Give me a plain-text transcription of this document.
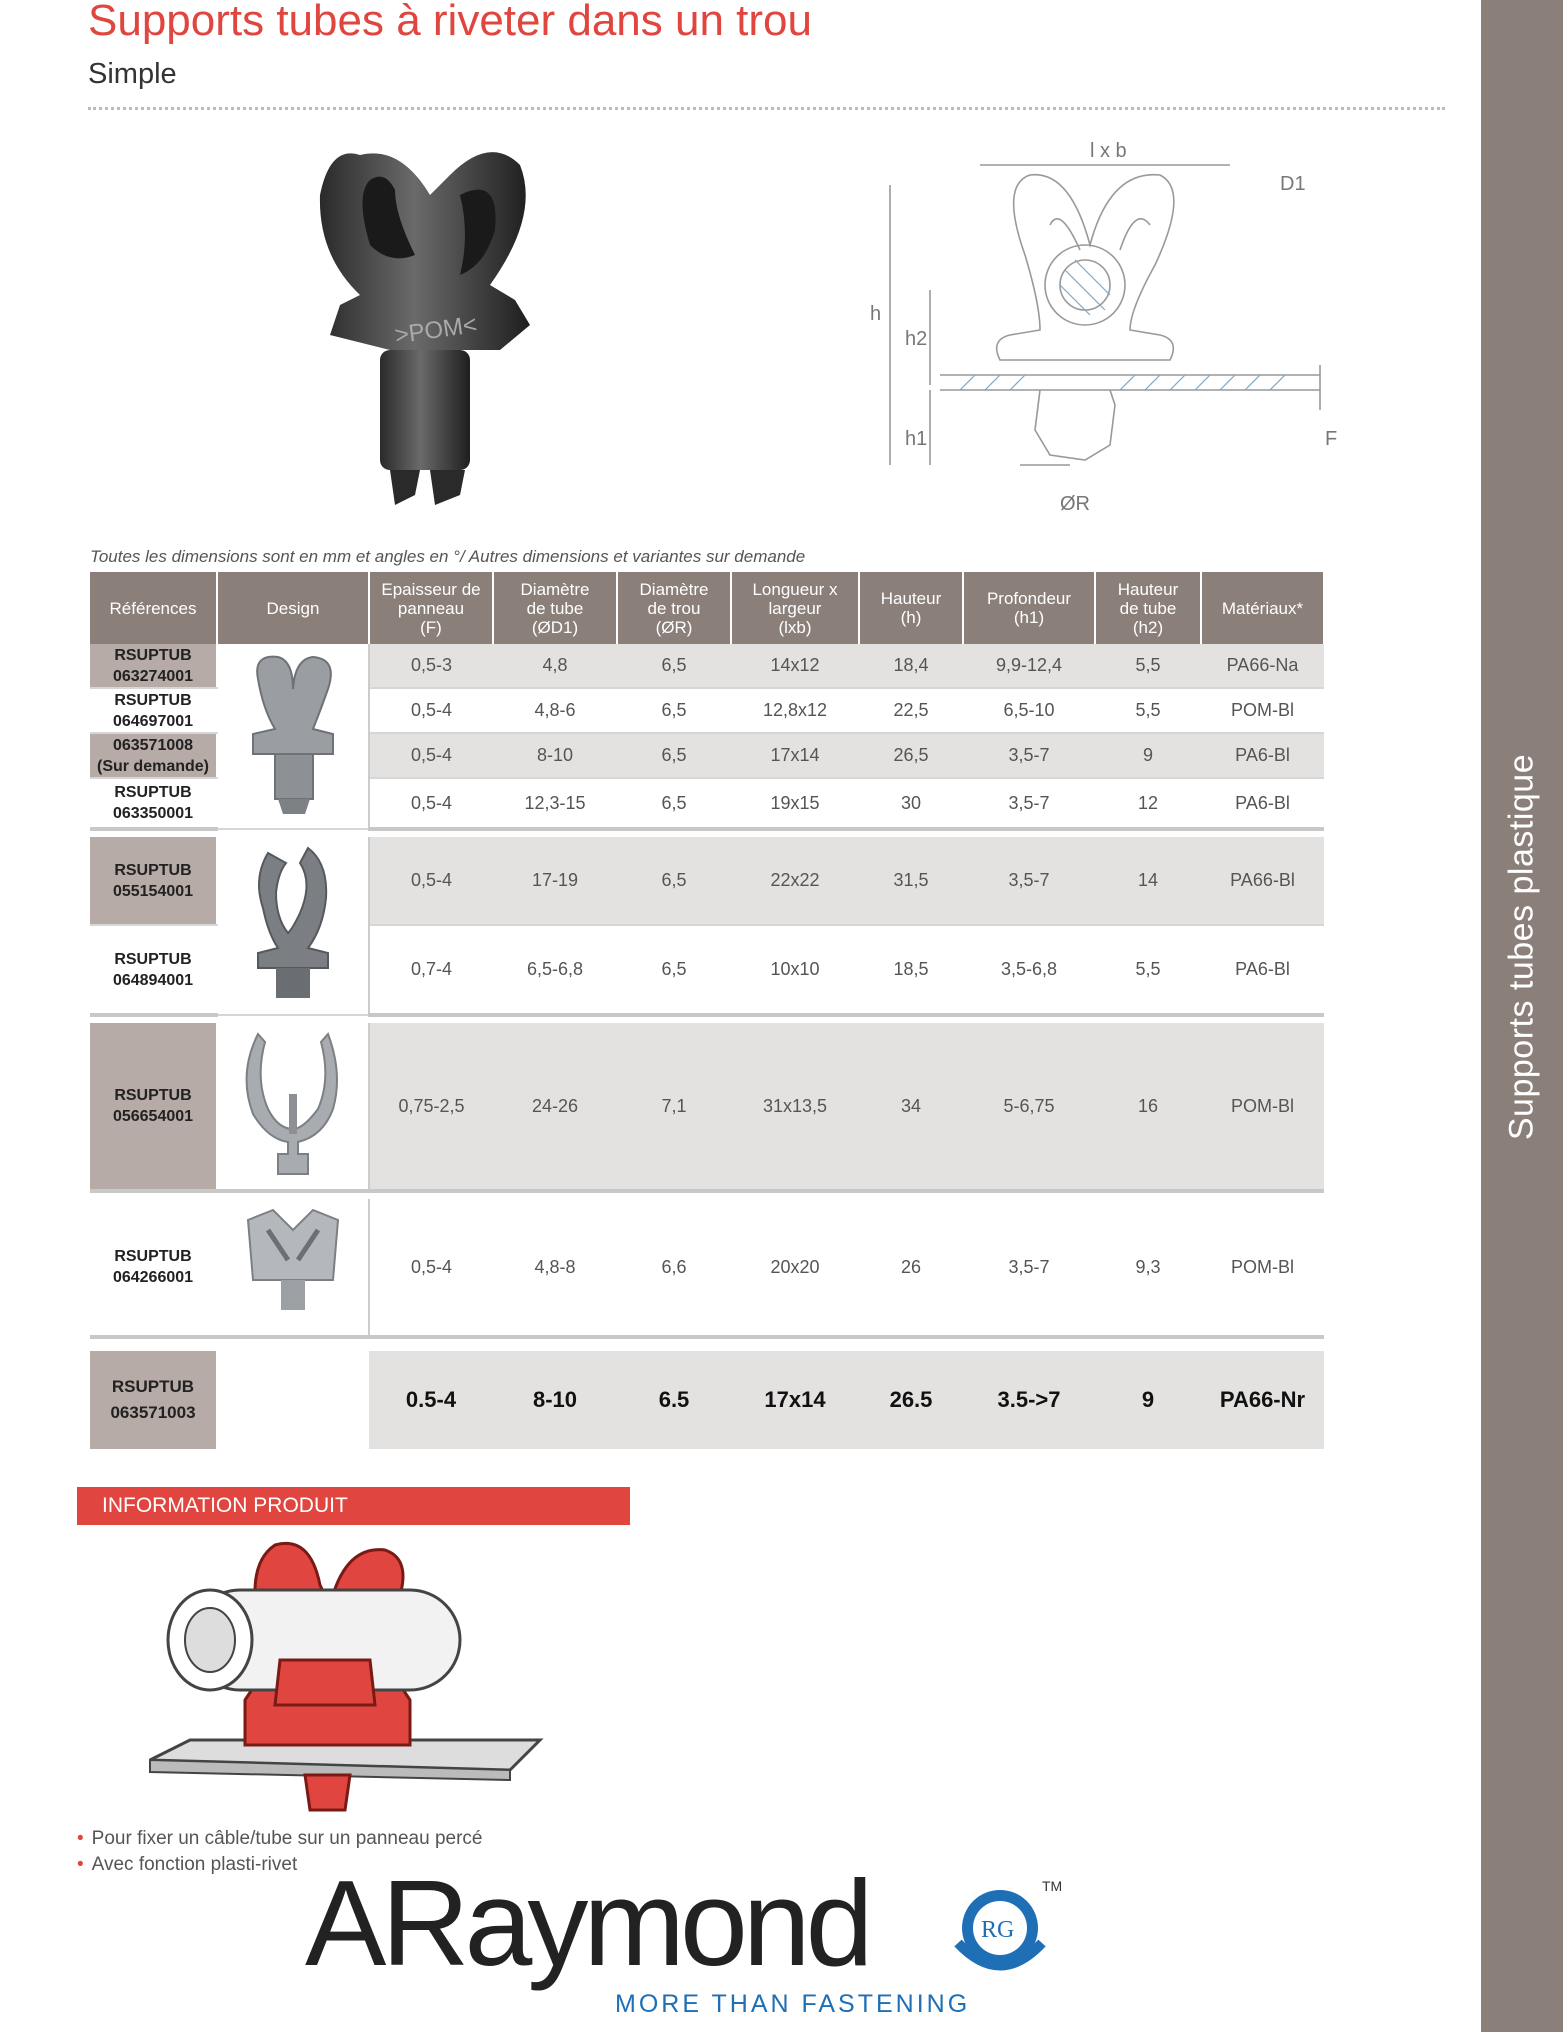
Supports tubes à riveter dans un trou
Simple
Supports tubes plastique
>POM<
l x b
D1
h
h2
h1	F
ØR
Toutes les dimensions sont en mm et angles en °/ Autres dimensions et variantes sur demande
Références	Design	Epaisseur de
panneau
(F)	Diamètre
de tube
(ØD1)	Diamètre
de trou
(ØR)	Longueur x
largeur
(lxb)	Hauteur
(h)	Profondeur
(h1)	Hauteur
de tube
(h2)	Matériaux*
RSUPTUB
063274001		0,5-3	4,8	6,5	14x12	18,4	9,9-12,4	5,5	PA66-Na
RSUPTUB
064697001		0,5-4	4,8-6	6,5	12,8x12	22,5	6,5-10	5,5	POM-Bl
063571008
(Sur demande)		0,5-4	8-10	6,5	17x14	26,5	3,5-7	9	PA6-Bl
RSUPTUB
063350001		0,5-4	12,3-15	6,5	19x15	30	3,5-7	12	PA6-Bl

RSUPTUB
055154001		0,5-4	17-19	6,5	22x22	31,5	3,5-7	14	PA66-Bl
RSUPTUB
064894001		0,7-4	6,5-6,8	6,5	10x10	18,5	3,5-6,8	5,5	PA6-Bl

RSUPTUB
056654001		0,75-2,5	24-26	7,1	31x13,5	34	5-6,75	16	POM-Bl

RSUPTUB
064266001		0,5-4	4,8-8	6,6	20x20	26	3,5-7	9,3	POM-Bl

RSUPTUB
063571003		0.5-4	8-10	6.5	17x14	26.5	3.5->7	9	PA66-Nr
INFORMATION PRODUIT
• Pour fixer un câble/tube sur un panneau percé
• Avec fonction plasti-rivet ARaymond	RG
TM
MORE THAN FASTENING
